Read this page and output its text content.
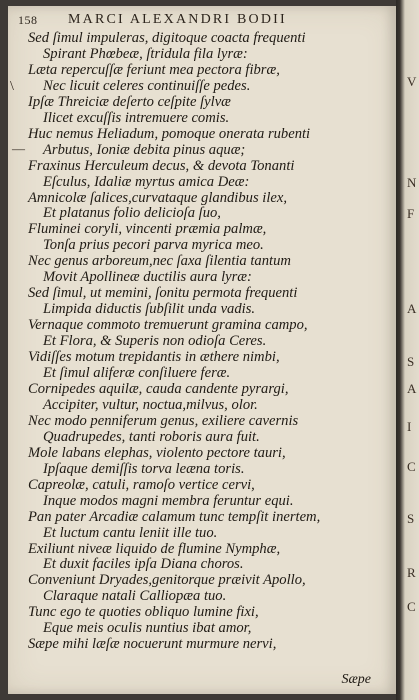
V
N
F
A
S
A
I
C
S
R
C
158 MARCI ALEXANDRI BODII
\
—
Sed ſimul impuleras, digitoque coacta frequenti
Spirant Phœbeæ, ſtridula fila lyræ:
Læta repercuſſæ feriunt mea pectora fibræ,
Nec licuit celeres continuiſſe pedes.
Ipſæ Threiciæ deſerto ceſpite ſylvæ
Ilicet excuſſis intremuere comis.
Huc nemus Heliadum, pomoque onerata rubenti
Arbutus, Ioniæ debita pinus aquæ;
Fraxinus Herculeum decus, & devota Tonanti
Eſculus, Idaliæ myrtus amica Deæ:
Amnicolæ ſalices,curvataque glandibus ilex,
Et platanus folio delicioſa ſuo,
Fluminei coryli, vincenti præmia palmæ,
Tonſa prius pecori parva myrica meo.
Nec genus arboreum,nec ſaxa ſilentia tantum
Movit Apollineæ ductilis aura lyræ:
Sed ſimul, ut memini, ſonitu permota frequenti
Limpida diductis ſubſilit unda vadis.
Vernaque commoto tremuerunt gramina campo,
Et Flora, & Superis non odioſa Ceres.
Vidiſſes motum trepidantis in æthere nimbi,
Et ſimul aliferæ conſiluere feræ.
Cornipedes aquilæ, cauda candente pyrargi,
Accipiter, vultur, noctua,milvus, olor.
Nec modo penniferum genus, exiliere cavernis
Quadrupedes, tanti roboris aura fuit.
Mole labans elephas, violento pectore tauri,
Ipſaque demiſſis torva leæna toris.
Capreolæ, catuli, ramoſo vertice cervi,
Inque modos magni membra feruntur equi.
Pan pater Arcadiæ calamum tunc tempſit inertem,
Et luctum cantu leniit ille tuo.
Exiliunt niveæ liquido de flumine Nymphæ,
Et duxit faciles ipſa Diana choros.
Conveniunt Dryades,genitorque præivit Apollo,
Claraque natali Calliopæa tuo.
Tunc ego te quoties obliquo lumine fixi,
Eque meis oculis nuntius ibat amor,
Sæpe mihi læſæ nocuerunt murmure nervi,
Sæpe
